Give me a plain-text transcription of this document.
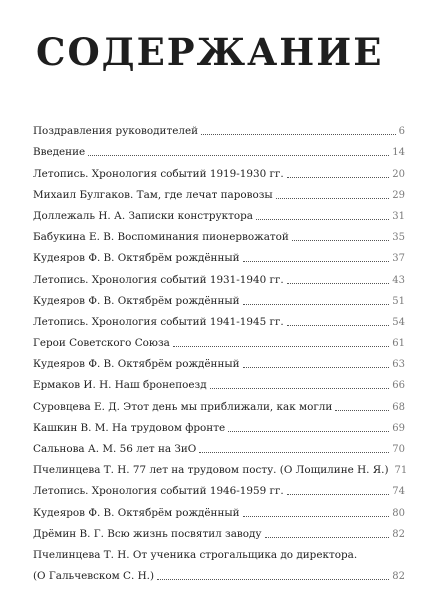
СОДЕРЖАНИЕ
Поздравления руководителей	6
Введение	14
Летопись. Хронология событий 1919-1930 гг.	20
Михаил Булгаков. Там, где лечат паровозы	29
Доллежаль Н. А. Записки конструктора	31
Бабукина Е. В. Воспоминания пионервожатой	35
Кудеяров Ф. В. Октябрём рождённый	37
Летопись. Хронология событий 1931-1940 гг.	43
Кудеяров Ф. В. Октябрём рождённый	51
Летопись. Хронология событий 1941-1945 гг.	54
Герои Советского Союза	61
Кудеяров Ф. В. Октябрём рождённый	63
Ермаков И. Н. Наш бронепоезд	66
Суровцева Е. Д. Этот день мы приближали, как могли	68
Кашкин В. М. На трудовом фронте	69
Сальнова А. М. 56 лет на ЗиО	70
Пчелинцева Т. Н. 77 лет на трудовом посту. (О Лощилине Н. Я.) 71
Летопись. Хронология событий 1946-1959 гг.	74
Кудеяров Ф. В. Октябрём рождённый	80
Дрёмин В. Г. Всю жизнь посвятил заводу	82
Пчелинцева Т. Н. От ученика строгальщика до директора.
(О Гальчевском С. Н.)	82
